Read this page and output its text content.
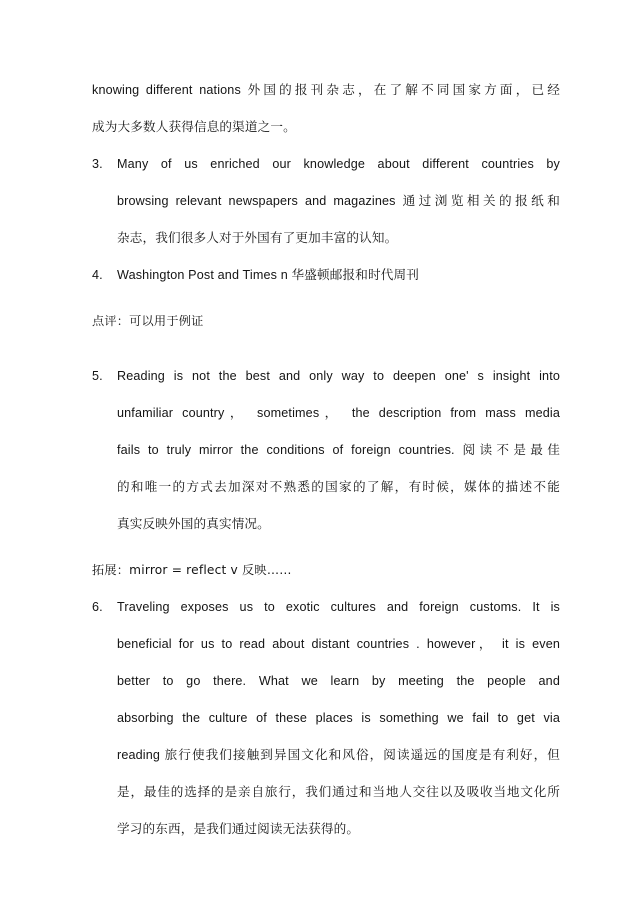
knowing different nations 外国的报刊杂志，在了解不同国家方面，已经
成为大多数人获得信息的渠道之一。
3.	Many of us enriched our knowledge about different countries by
browsing relevant newspapers and magazines 通过浏览相关的报纸和
杂志，我们很多人对于外国有了更加丰富的认知。
4.	Washington Post and Times n 华盛顿邮报和时代周刊
点评：可以用于例证
5.	Reading is not the best and only way to deepen one' s insight into
unfamiliar country， sometimes， the description from mass media
fails to truly mirror the conditions of foreign countries. 阅读不是最佳
的和唯一的方式去加深对不熟悉的国家的了解，有时候，媒体的描述不能
真实反映外国的真实情况。
拓展：mirror = reflect v 反映……
6.	Traveling exposes us to exotic cultures and foreign customs. It is
beneficial for us to read about distant countries . however， it is even
better to go there. What we learn by meeting the people and
absorbing the culture of these places is something we fail to get via
reading 旅行使我们接触到异国文化和风俗，阅读遥远的国度是有利好，但
是，最佳的选择的是亲自旅行，我们通过和当地人交往以及吸收当地文化所
学习的东西，是我们通过阅读无法获得的。
